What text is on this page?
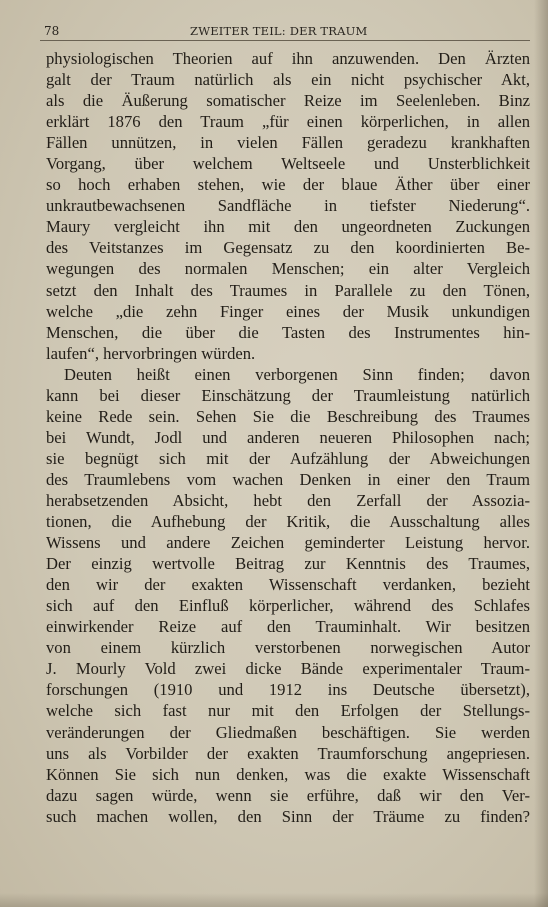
78	ZWEITER TEIL: DER TRAUM
physiologischen Theorien auf ihn anzuwenden. Den Ärzten
galt der Traum natürlich als ein nicht psychischer Akt,
als die Äußerung somatischer Reize im Seelenleben. Binz
erklärt 1876 den Traum „für einen körperlichen, in allen
Fällen unnützen, in vielen Fällen geradezu krankhaften
Vorgang, über welchem Weltseele und Unsterblichkeit
so hoch erhaben stehen, wie der blaue Äther über einer
unkrautbewachsenen Sandfläche in tiefster Niederung“.
Maury vergleicht ihn mit den ungeordneten Zuckungen
des Veitstanzes im Gegensatz zu den koordinierten Be-
wegungen des normalen Menschen; ein alter Vergleich
setzt den Inhalt des Traumes in Parallele zu den Tönen,
welche „die zehn Finger eines der Musik unkundigen
Menschen, die über die Tasten des Instrumentes hin-
laufen“, hervorbringen würden.
Deuten heißt einen verborgenen Sinn finden; davon
kann bei dieser Einschätzung der Traumleistung natürlich
keine Rede sein. Sehen Sie die Beschreibung des Traumes
bei Wundt, Jodl und anderen neueren Philosophen nach;
sie begnügt sich mit der Aufzählung der Abweichungen
des Traumlebens vom wachen Denken in einer den Traum
herabsetzenden Absicht, hebt den Zerfall der Assozia-
tionen, die Aufhebung der Kritik, die Ausschaltung alles
Wissens und andere Zeichen geminderter Leistung hervor.
Der einzig wertvolle Beitrag zur Kenntnis des Traumes,
den wir der exakten Wissenschaft verdanken, bezieht
sich auf den Einfluß körperlicher, während des Schlafes
einwirkender Reize auf den Trauminhalt. Wir besitzen
von einem kürzlich verstorbenen norwegischen Autor
J. Mourly Vold zwei dicke Bände experimentaler Traum-
forschungen (1910 und 1912 ins Deutsche übersetzt),
welche sich fast nur mit den Erfolgen der Stellungs-
veränderungen der Gliedmaßen beschäftigen. Sie werden
uns als Vorbilder der exakten Traumforschung angepriesen.
Können Sie sich nun denken, was die exakte Wissenschaft
dazu sagen würde, wenn sie erführe, daß wir den Ver-
such machen wollen, den Sinn der Träume zu finden?
